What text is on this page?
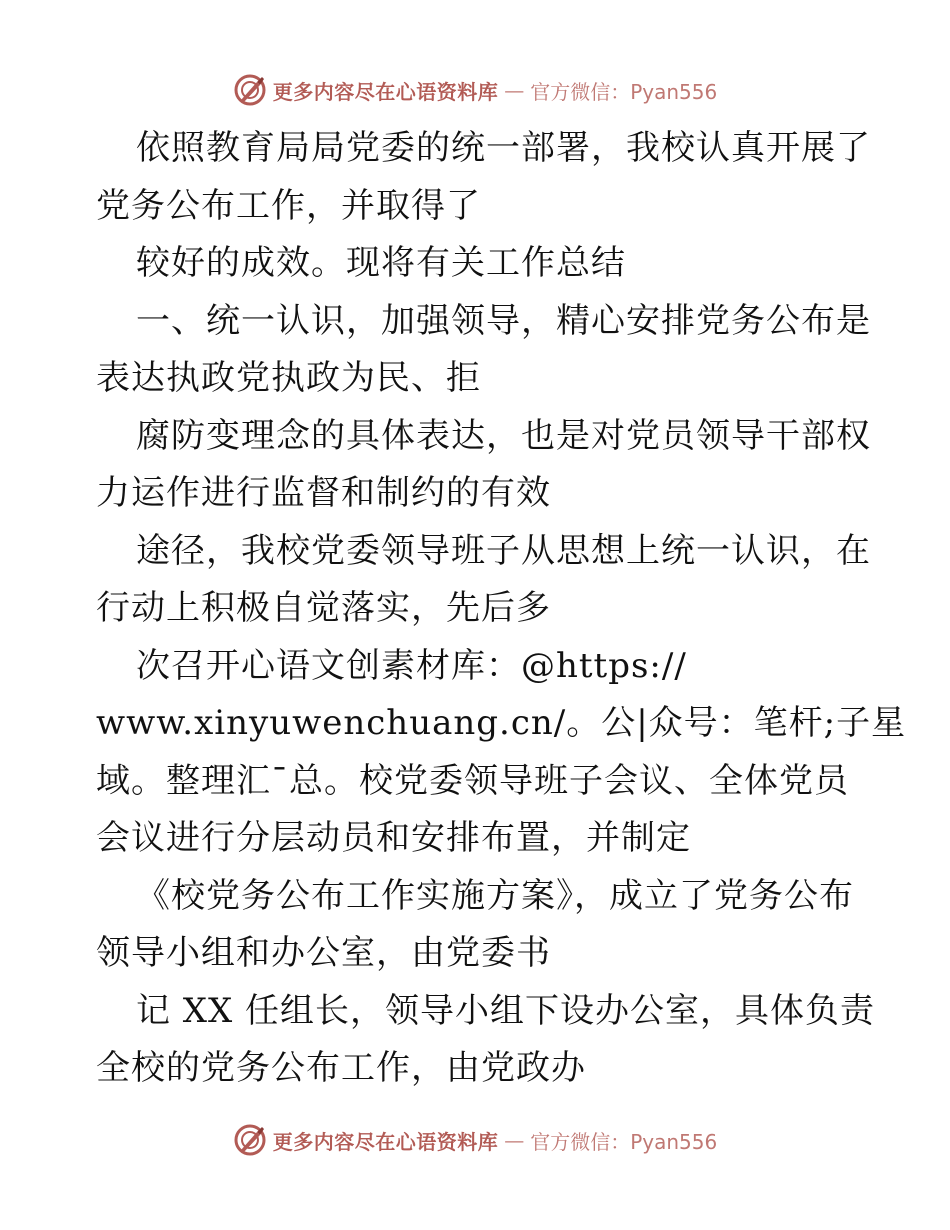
更多内容尽在心语资料库 — 官方微信：Pyan556
依照教育局局党委的统一部署，我校认真开展了
党务公布工作，并取得了
较好的成效。现将有关工作总结
一、统一认识，加强领导，精心安排党务公布是
表达执政党执政为民、拒
腐防变理念的具体表达，也是对党员领导干部权
力运作进行监督和制约的有效
途径，我校党委领导班子从思想上统一认识，在
行动上积极自觉落实，先后多
次召开心语文创素材库：@https://
www.xinyuwenchuang.cn/。公|众号：笔杆;子星
域。整理汇¯总。校党委领导班子会议、全体党员
会议进行分层动员和安排布置，并制定
《校党务公布工作实施方案》，成立了党务公布
领导小组和办公室，由党委书
记 XX 任组长，领导小组下设办公室，具体负责
全校的党务公布工作，由党政办
更多内容尽在心语资料库 — 官方微信：Pyan556
